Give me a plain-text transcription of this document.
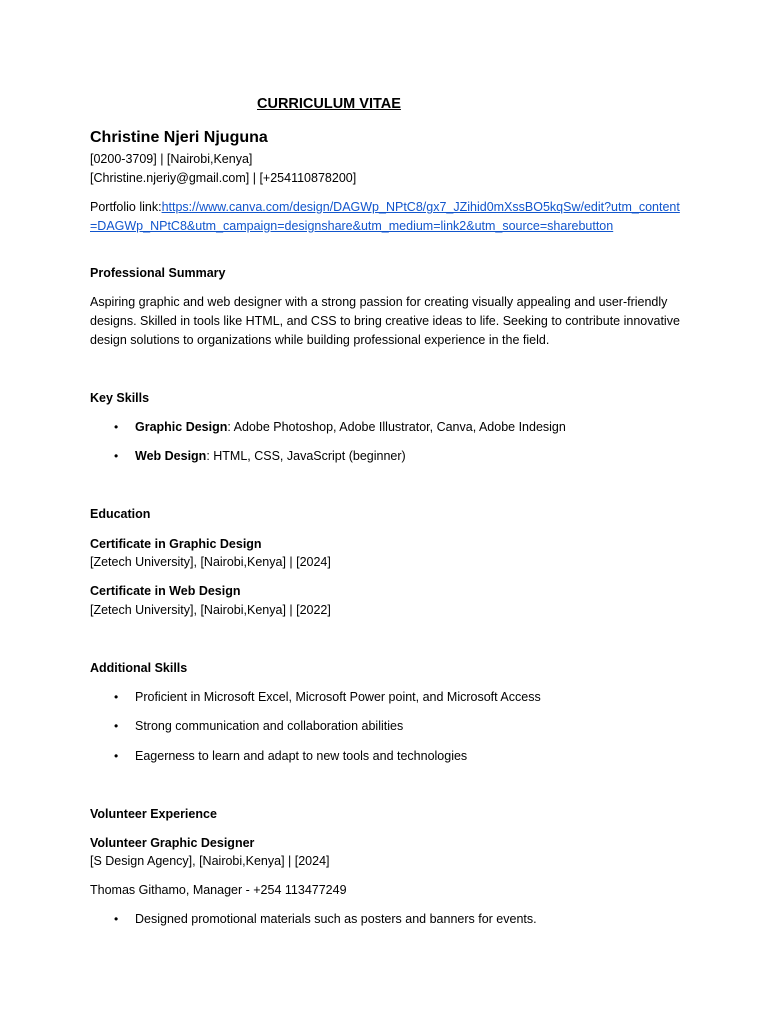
CURRICULUM VITAE
Christine Njeri Njuguna
[0200-3709] | [Nairobi,Kenya]
[Christine.njeriy@gmail.com] | [+254110878200]
Portfolio link:https://www.canva.com/design/DAGWp_NPtC8/gx7_JZihid0mXssBO5kqSw/edit?utm_content=DAGWp_NPtC8&utm_campaign=designshare&utm_medium=link2&utm_source=sharebutton
Professional Summary
Aspiring graphic and web designer with a strong passion for creating visually appealing and user-friendly designs. Skilled in tools like HTML, and CSS to bring creative ideas to life. Seeking to contribute innovative design solutions to organizations while building professional experience in the field.
Key Skills
• Graphic Design: Adobe Photoshop, Adobe Illustrator, Canva, Adobe Indesign
• Web Design: HTML, CSS, JavaScript (beginner)
Education
Certificate in Graphic Design
[Zetech University], [Nairobi,Kenya] | [2024]
Certificate in Web Design
[Zetech University], [Nairobi,Kenya] | [2022]
Additional Skills
• Proficient in Microsoft Excel, Microsoft Power point, and Microsoft Access
• Strong communication and collaboration abilities
• Eagerness to learn and adapt to new tools and technologies
Volunteer Experience
Volunteer Graphic Designer
[S Design Agency], [Nairobi,Kenya] | [2024]
Thomas Githamo, Manager - +254 113477249
• Designed promotional materials such as posters and banners for events.
